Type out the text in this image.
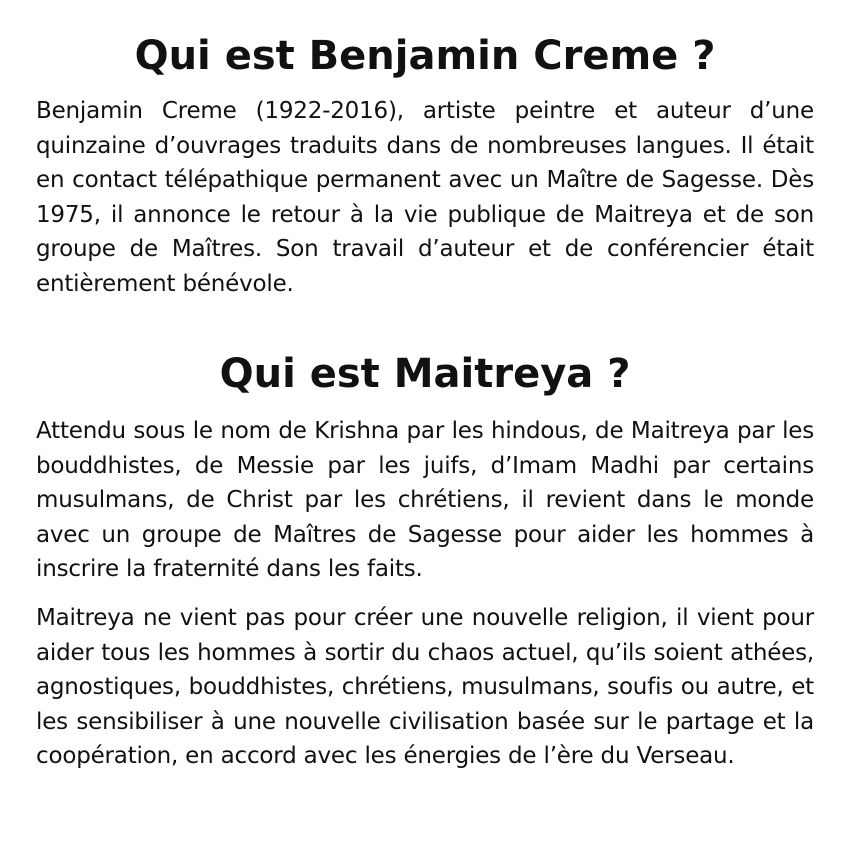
Qui est Benjamin Creme ?

Benjamin Creme (1922-2016), artiste peintre et auteur d’une quinzaine d’ouvrages traduits dans de nombreuses langues. Il était en contact télépathique permanent avec un Maître de Sagesse. Dès 1975, il annonce le retour à la vie publique de Maitreya et de son groupe de Maîtres. Son travail d’auteur et de conférencier était entièrement bénévole.

Qui est Maitreya ?

Attendu sous le nom de Krishna par les hindous, de Maitreya par les bouddhistes, de Messie par les juifs, d’Imam Madhi par certains musulmans, de Christ par les chrétiens, il revient dans le monde avec un groupe de Maîtres de Sagesse pour aider les hommes à inscrire la fraternité dans les faits.

Maitreya ne vient pas pour créer une nouvelle religion, il vient pour aider tous les hommes à sortir du chaos actuel, qu’ils soient athées, agnostiques, bouddhistes, chrétiens, musulmans, soufis ou autre, et les sensibiliser à une nouvelle civilisation basée sur le partage et la coopération, en accord avec les énergies de l’ère du Verseau.
